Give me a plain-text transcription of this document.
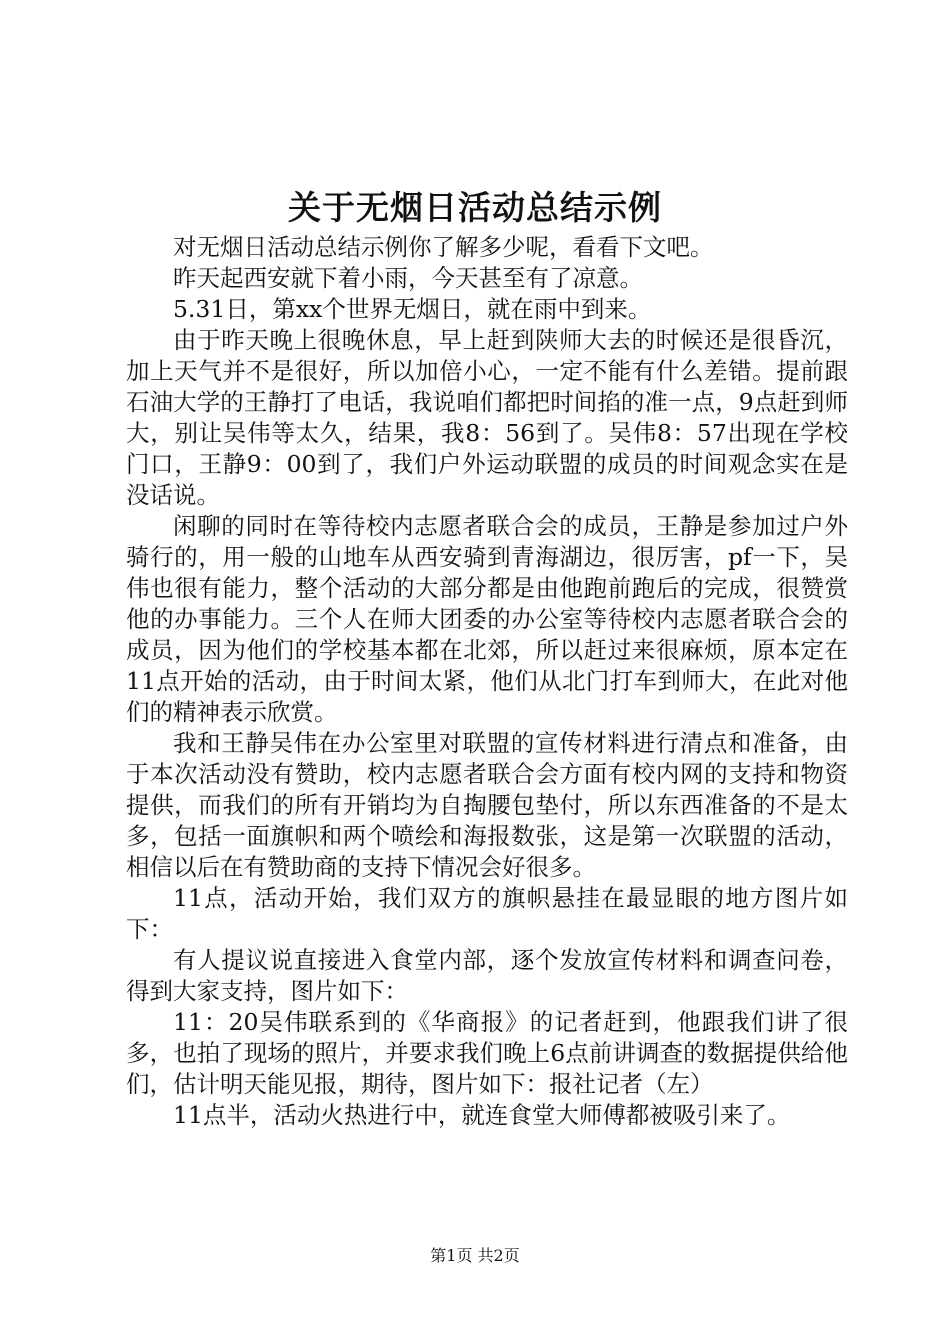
关于无烟日活动总结示例

对无烟日活动总结示例你了解多少呢，看看下文吧。

昨天起西安就下着小雨，今天甚至有了凉意。

5.31日，第xx个世界无烟日，就在雨中到来。

由于昨天晚上很晚休息，早上赶到陕师大去的时候还是很昏沉，加上天气并不是很好，所以加倍小心，一定不能有什么差错。提前跟石油大学的王静打了电话，我说咱们都把时间掐的准一点，9点赶到师大，别让吴伟等太久，结果，我8：56到了。吴伟8：57出现在学校门口，王静9：00到了，我们户外运动联盟的成员的时间观念实在是没话说。

闲聊的同时在等待校内志愿者联合会的成员，王静是参加过户外骑行的，用一般的山地车从西安骑到青海湖边，很厉害，pf一下，吴伟也很有能力，整个活动的大部分都是由他跑前跑后的完成，很赞赏他的办事能力。三个人在师大团委的办公室等待校内志愿者联合会的成员，因为他们的学校基本都在北郊，所以赶过来很麻烦，原本定在11点开始的活动，由于时间太紧，他们从北门打车到师大，在此对他们的精神表示欣赏。

我和王静吴伟在办公室里对联盟的宣传材料进行清点和准备，由于本次活动没有赞助，校内志愿者联合会方面有校内网的支持和物资提供，而我们的所有开销均为自掏腰包垫付，所以东西准备的不是太多，包括一面旗帜和两个喷绘和海报数张，这是第一次联盟的活动，相信以后在有赞助商的支持下情况会好很多。

11点，活动开始，我们双方的旗帜悬挂在最显眼的地方图片如下：

有人提议说直接进入食堂内部，逐个发放宣传材料和调查问卷，得到大家支持，图片如下：

11：20吴伟联系到的《华商报》的记者赶到，他跟我们讲了很多，也拍了现场的照片，并要求我们晚上6点前讲调查的数据提供给他们，估计明天能见报，期待，图片如下：报社记者（左）

11点半，活动火热进行中，就连食堂大师傅都被吸引来了。

第1页 共2页
